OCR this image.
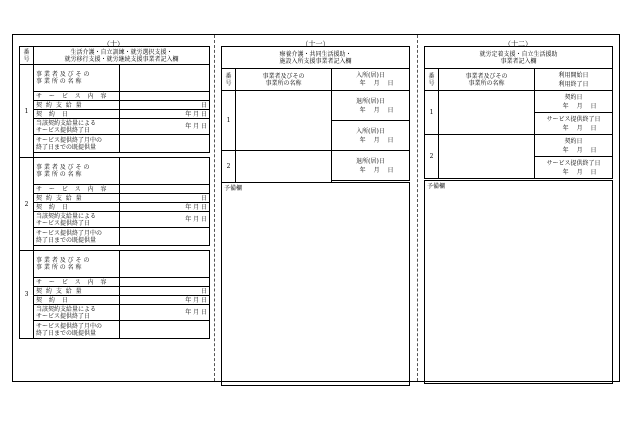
（十）
番号	生活介護・自立訓練・就労選択支援・
就労移行支援・就労継続支援事業者記入欄	
1	事 業 者 及 び そ の
事 業 所 の 名 称	
	サ ー ビ ス 内 容	
	契 約 支 給 量	日
	契 約 日	年 月 日
	当該契約支給量による
サービス提供終了日	年 月 日
	サービス提供終了月中の
終了日までの既提供量	

2	事 業 者 及 び そ の
事 業 所 の 名 称	
	サ ー ビ ス 内 容	
	契 約 支 給 量	日
	契 約 日	年 月 日
	当該契約支給量による
サービス提供終了日	年 月 日
	サービス提供終了月中の
終了日までの既提供量	

3	事 業 者 及 び そ の
事 業 所 の 名 称	
	サ ー ビ ス 内 容	
	契 約 支 給 量	日
	契 約 日	年 月 日
	当該契約支給量による
サービス提供終了日	年 月 日
	サービス提供終了月中の
終了日までの既提供量	
（十一）
療養介護・共同生活援助・
施設入所支援事業者記入欄		
番号	事業者及びその
事業所の名称	入所(居)日
年 月 日
1		退所(居)日
年 月 日
		入所(居)日
年 月 日
2		退所(居)日
年 月 日

予備欄		
（十二）
就労定着支援・自立生活援助
事業者記入欄		
番号	事業者及びその
事業所の名称	利用開始日
利用終了日
1		契約日
年 月 日
		サービス提供終了日
年 月 日
2		契約日
年 月 日
		サービス提供終了日
年 月 日

予備欄		
